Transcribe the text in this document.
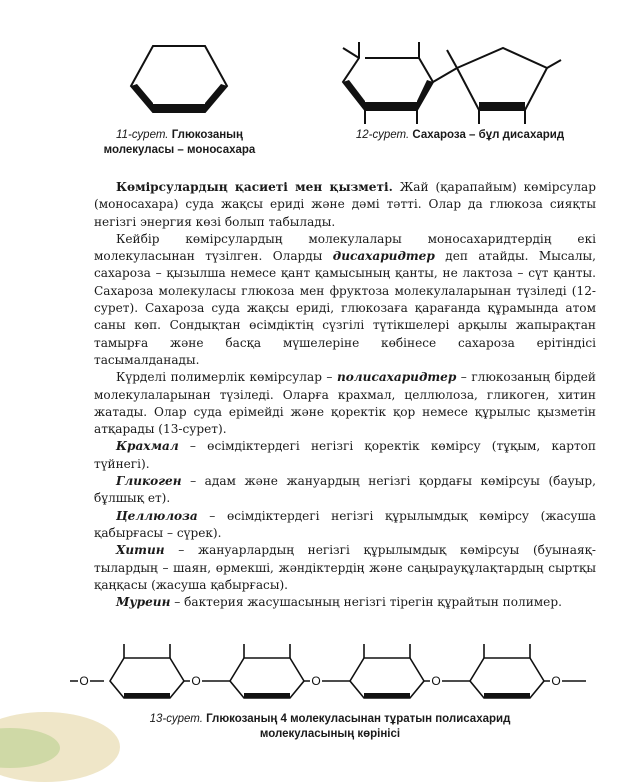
11-сурет. Глюкозаның
молекуласы – моносахара
12-сурет. Сахароза – бұл дисахарид

Көмірсулардың қасиеті мен қызметі. Жай (қарапайым) көмірсулар (моносахара) суда жақсы ериді және дәмі тәтті. Олар да глюкоза сияқты негізгі энергия көзі болып табылады.

Кейбір көмірсулардың молекулалары моносахаридтердің екі молекуласынан түзілген. Оларды дисахаридтер деп атайды. Мысалы, сахароза – қызылша немесе қант қамысының қанты, не лактоза – сүт қанты. Сахароза молекуласы глюкоза мен фруктоза молекулаларынан түзіледі (12-сурет). Сахароза суда жақсы ериді, глюкозаға қарағанда құрамында атом саны көп. Сондықтан өсімдіктің сүзгілі түтікшелері арқылы жапырақтан тамырға және басқа мүшелеріне көбінесе сахароза ерітіндісі тасымалданады.

Күрделі полимерлік көмірсулар – полисахаридтер – глюкозаның бірдей молекулаларынан түзіледі. Оларға крахмал, целлюлоза, гликоген, хитин жатады. Олар суда ерімейді және қоректік қор немесе құрылыс қызметін атқарады (13-сурет).

Крахмал – өсімдіктердегі негізгі қоректік көмірсу (тұқым, картоп түйнегі).

Гликоген – адам және жануардың негізгі қордағы көмірсуы (бауыр, бұлшық ет).

Целлюлоза – өсімдіктердегі негізгі құрылымдық көмірсу (жасуша қабырғасы – сүрек).

Хитин – жануарлардың негізгі құрылымдық көмірсуы (буынаяқ-тылардың – шаян, өрмекші, жәндіктердің және саңырауқұлақтардың сыртқы қаңқасы (жасуша қабырғасы).

Муреин – бактерия жасушасының негізгі тірегін құрайтын полимер.

O	O	O	O	O
13-сурет. Глюкозаның 4 молекуласынан тұратын полисахарид
молекуласының көрінісі
